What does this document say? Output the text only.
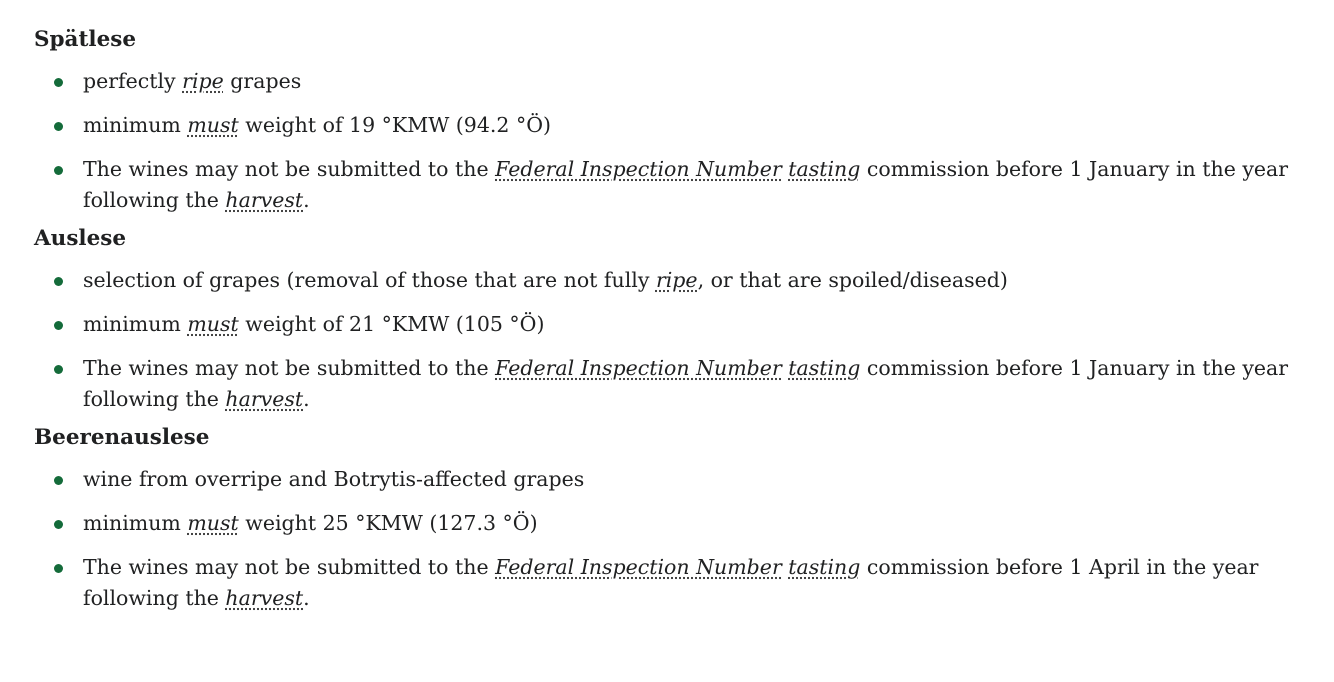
Spätlese
perfectly ripe grapes
minimum must weight of 19 °KMW (94.2 °Ö)
The wines may not be submitted to the Federal Inspection Number tasting commission before 1 January in the year following the harvest.
Auslese
selection of grapes (removal of those that are not fully ripe, or that are spoiled/diseased)
minimum must weight of 21 °KMW (105 °Ö)
The wines may not be submitted to the Federal Inspection Number tasting commission before 1 January in the year following the harvest.
Beerenauslese
wine from overripe and Botrytis-affected grapes
minimum must weight 25 °KMW (127.3 °Ö)
The wines may not be submitted to the Federal Inspection Number tasting commission before 1 April in the year following the harvest.
